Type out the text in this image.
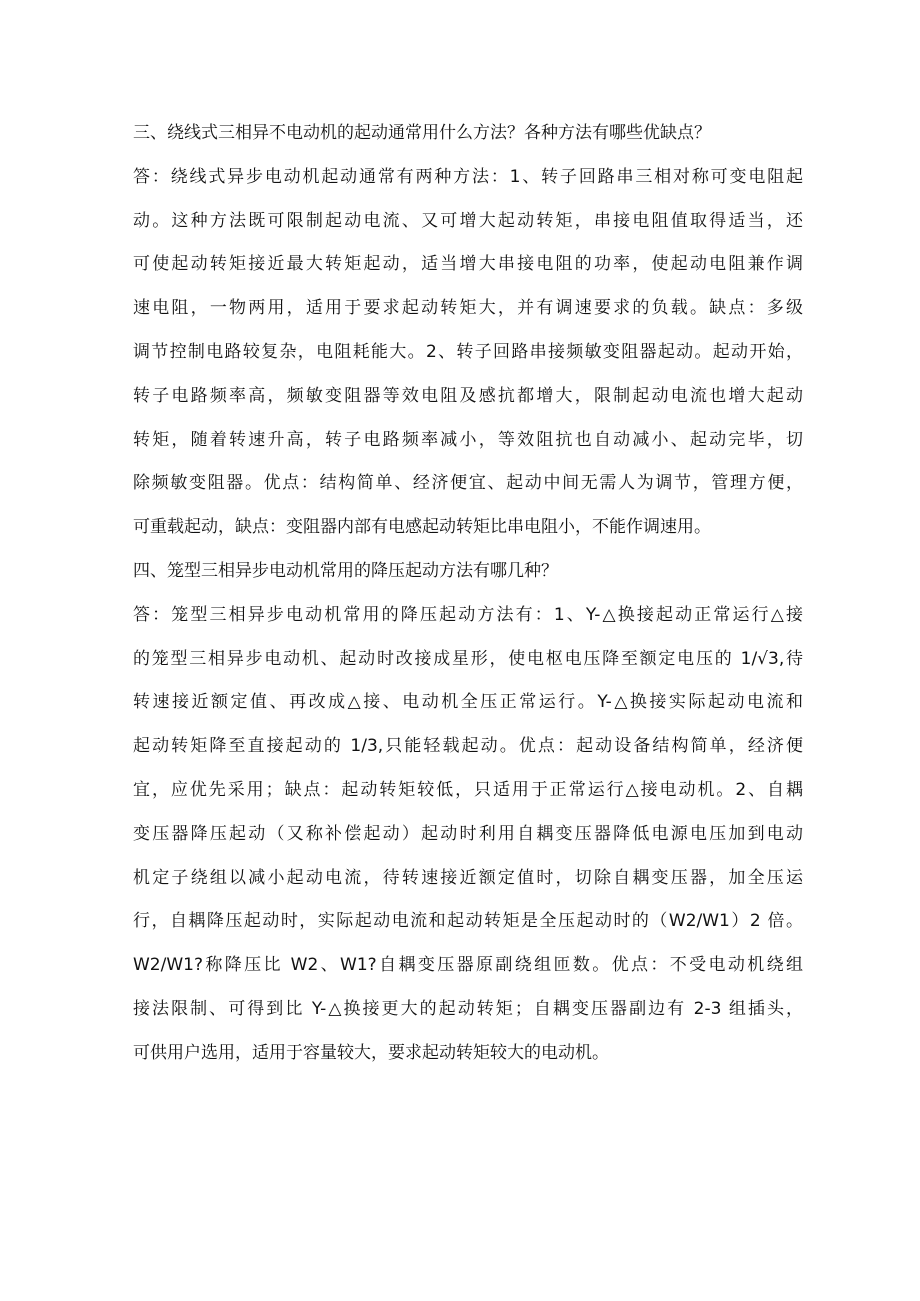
三、绕线式三相异不电动机的起动通常用什么方法？各种方法有哪些优缺点？
答：绕线式异步电动机起动通常有两种方法：1、转子回路串三相对称可变电阻起
动。这种方法既可限制起动电流、又可增大起动转矩，串接电阻值取得适当，还
可使起动转矩接近最大转矩起动，适当增大串接电阻的功率，使起动电阻兼作调
速电阻，一物两用，适用于要求起动转矩大，并有调速要求的负载。缺点：多级
调节控制电路较复杂，电阻耗能大。2、转子回路串接频敏变阻器起动。起动开始，
转子电路频率高，频敏变阻器等效电阻及感抗都增大，限制起动电流也增大起动
转矩，随着转速升高，转子电路频率减小，等效阻抗也自动减小、起动完毕，切
除频敏变阻器。优点：结构简单、经济便宜、起动中间无需人为调节，管理方便，
可重载起动，缺点：变阻器内部有电感起动转矩比串电阻小，不能作调速用。
四、笼型三相异步电动机常用的降压起动方法有哪几种？
答：笼型三相异步电动机常用的降压起动方法有：1、Y-△换接起动正常运行△接
的笼型三相异步电动机、起动时改接成星形，使电枢电压降至额定电压的 1/√3,待
转速接近额定值、再改成△接、电动机全压正常运行。Y-△换接实际起动电流和
起动转矩降至直接起动的 1/3,只能轻载起动。优点：起动设备结构简单，经济便
宜，应优先采用；缺点：起动转矩较低，只适用于正常运行△接电动机。2、自耦
变压器降压起动（又称补偿起动）起动时利用自耦变压器降低电源电压加到电动
机定子绕组以减小起动电流，待转速接近额定值时，切除自耦变压器，加全压运
行，自耦降压起动时，实际起动电流和起动转矩是全压起动时的（W2/W1）2 倍。
W2/W1?称降压比 W2、W1?自耦变压器原副绕组匝数。优点：不受电动机绕组
接法限制、可得到比 Y-△换接更大的起动转矩；自耦变压器副边有 2-3 组插头，
可供用户选用，适用于容量较大，要求起动转矩较大的电动机。
